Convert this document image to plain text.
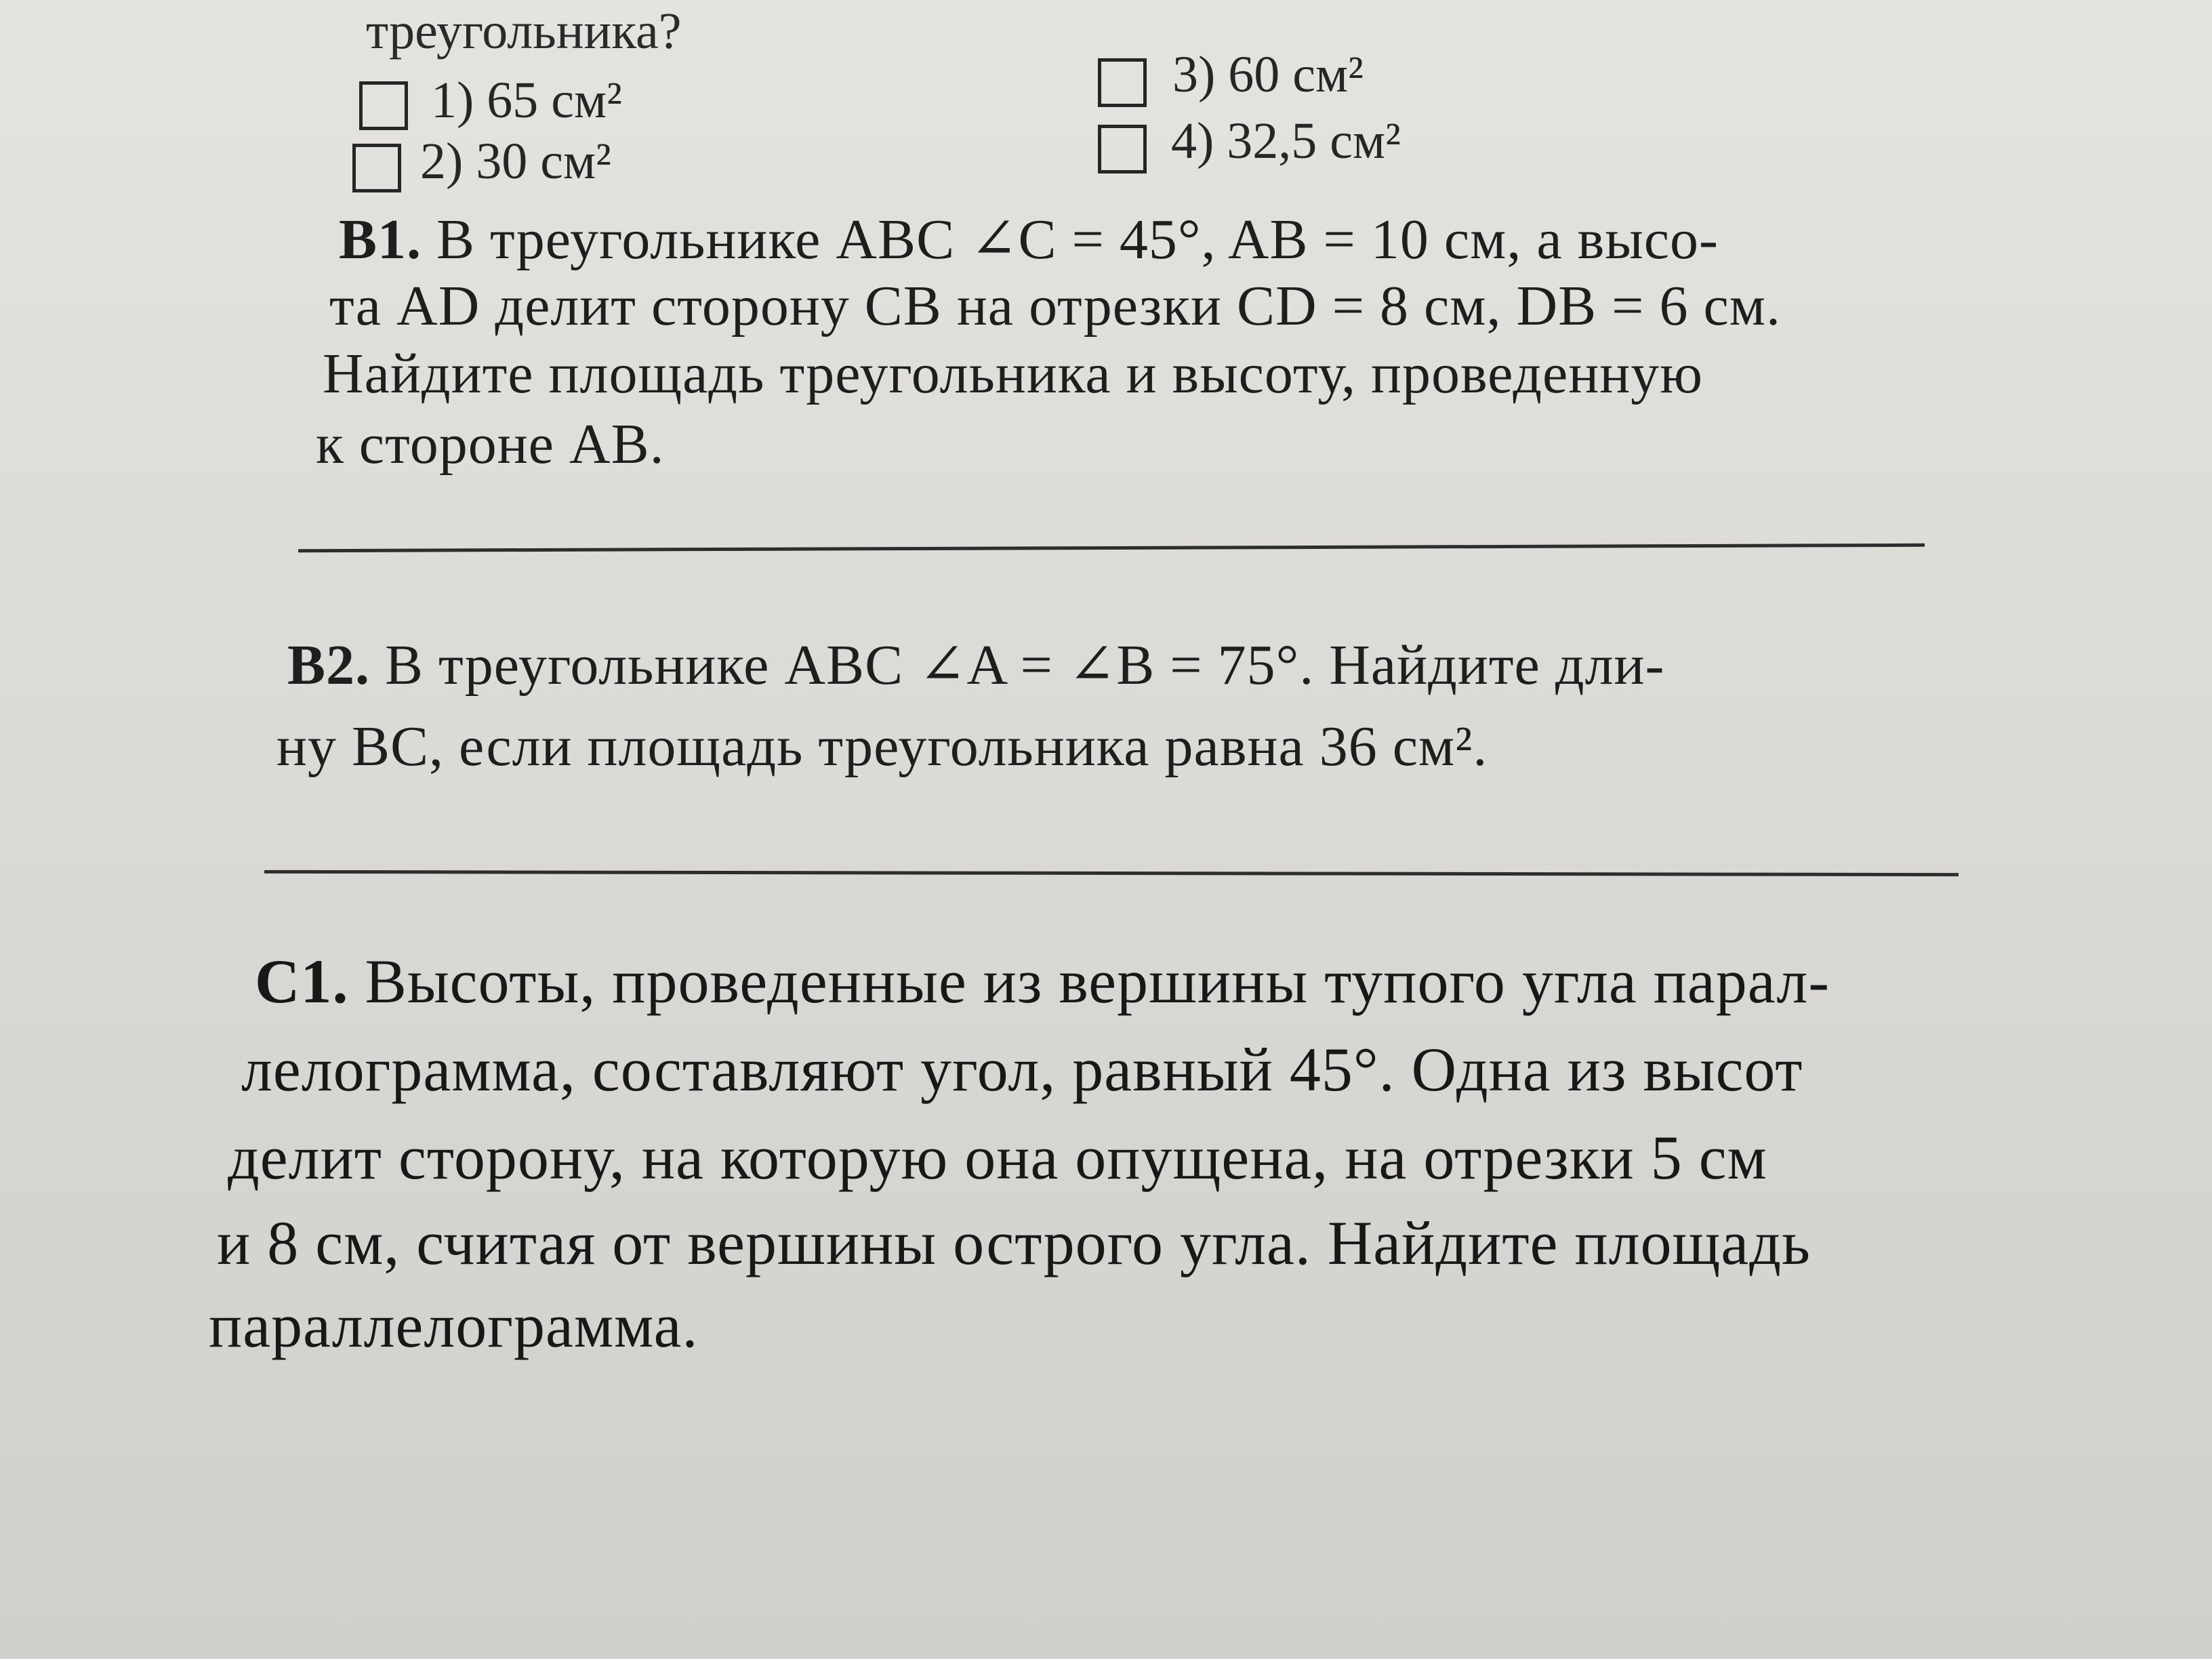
треугольника?
1) 65 см²
2) 30 см²
3) 60 см²
4) 32,5 см²
B1. В треугольнике ABC ∠C = 45°, AB = 10 см, а высо-
та AD делит сторону CB на отрезки CD = 8 см, DB = 6 см.
Найдите площадь треугольника и высоту, проведенную
к стороне AB.
B2. В треугольнике ABC ∠A = ∠B = 75°. Найдите дли-
ну BC, если площадь треугольника равна 36 см².
C1. Высоты, проведенные из вершины тупого угла парал-
лелограмма, составляют угол, равный 45°. Одна из высот
делит сторону, на которую она опущена, на отрезки 5 см
и 8 см, считая от вершины острого угла. Найдите площадь
параллелограмма.
